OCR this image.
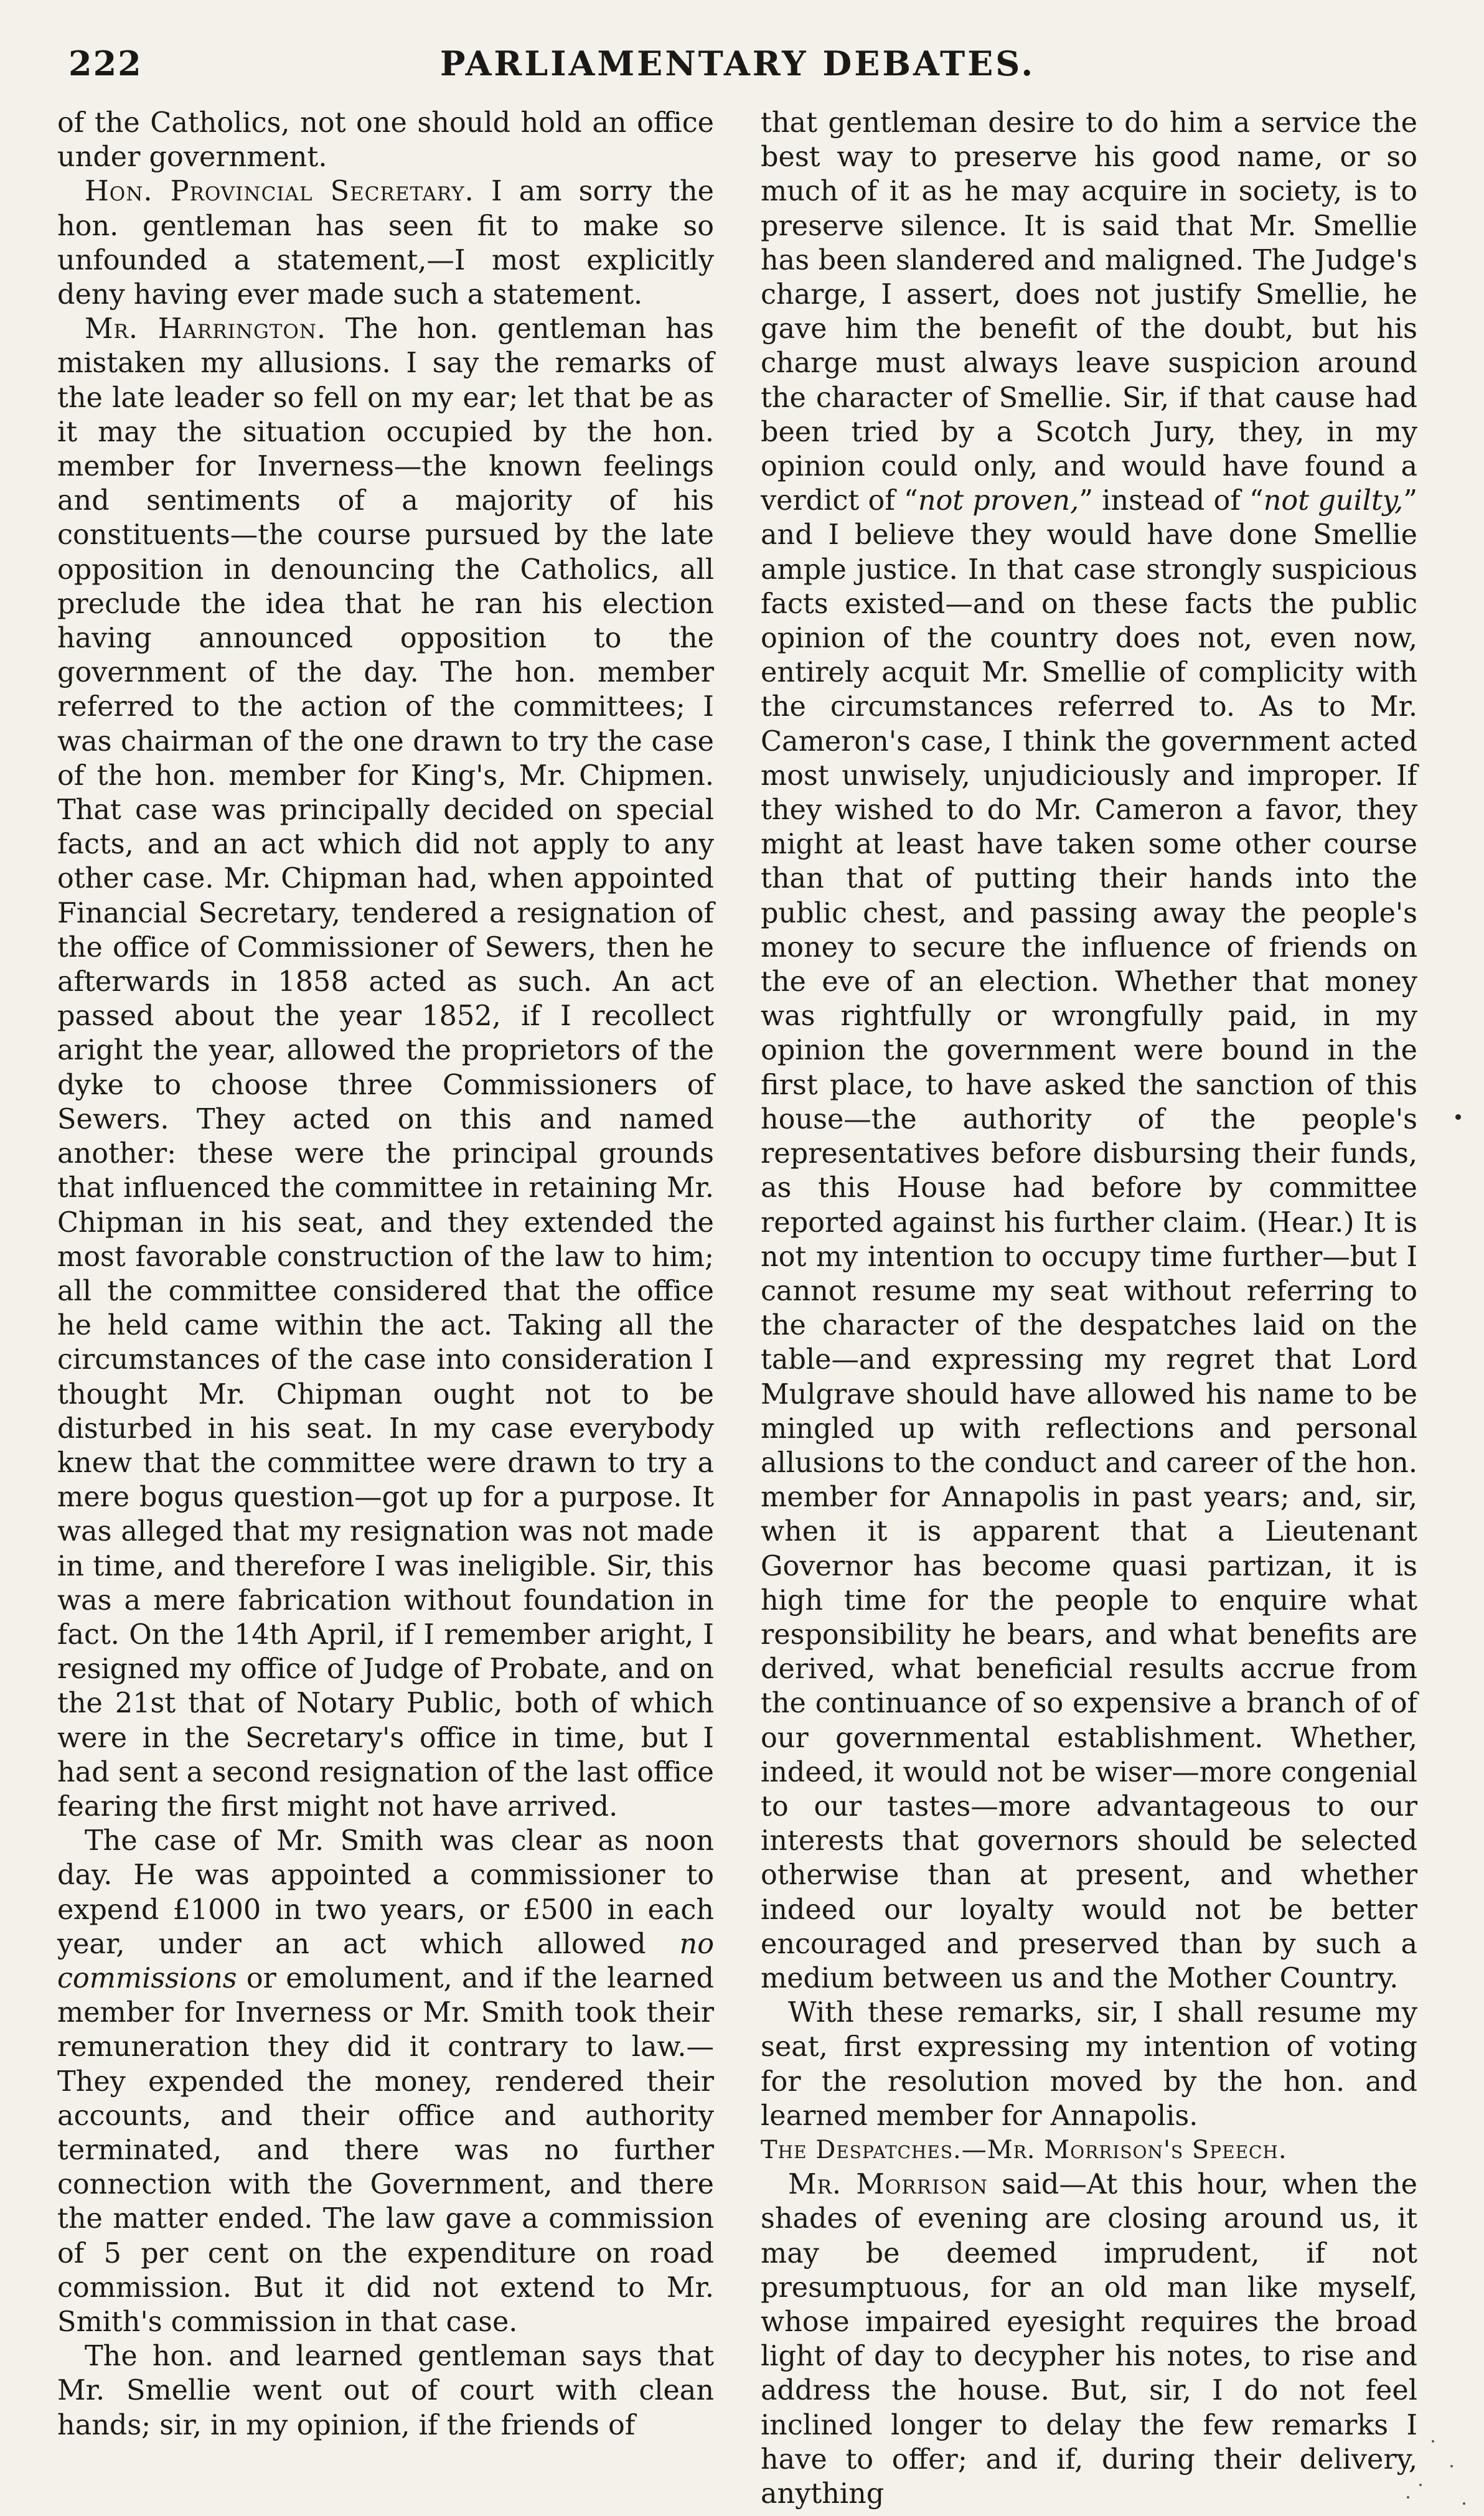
222	PARLIAMENTARY DEBATES.

of the Catholics, not one should hold an office under government.

Hon. Provincial Secretary. I am sorry the hon. gentleman has seen fit to make so unfounded a statement,—I most explicitly deny having ever made such a statement.

Mr. Harrington. The hon. gentleman has mistaken my allusions. I say the remarks of the late leader so fell on my ear; let that be as it may the situation occupied by the hon. member for Inverness—the known feelings and sentiments of a majority of his constituents—the course pursued by the late opposition in denouncing the Catholics, all preclude the idea that he ran his election having announced opposition to the government of the day. The hon. member referred to the action of the committees; I was chairman of the one drawn to try the case of the hon. member for King's, Mr. Chipmen. That case was principally decided on special facts, and an act which did not apply to any other case. Mr. Chipman had, when appointed Financial Secretary, tendered a resignation of the office of Commissioner of Sewers, then he afterwards in 1858 acted as such. An act passed about the year 1852, if I recollect aright the year, allowed the proprietors of the dyke to choose three Commissioners of Sewers. They acted on this and named another: these were the principal grounds that influenced the committee in retaining Mr. Chipman in his seat, and they extended the most favorable construction of the law to him; all the committee considered that the office he held came within the act. Taking all the circumstances of the case into consideration I thought Mr. Chipman ought not to be disturbed in his seat. In my case everybody knew that the committee were drawn to try a mere bogus question—got up for a purpose. It was alleged that my resignation was not made in time, and therefore I was ineligible. Sir, this was a mere fabrication without foundation in fact. On the 14th April, if I remember aright, I resigned my office of Judge of Probate, and on the 21st that of Notary Public, both of which were in the Secretary's office in time, but I had sent a second resignation of the last office fearing the first might not have arrived.

The case of Mr. Smith was clear as noon day. He was appointed a commissioner to expend £1000 in two years, or £500 in each year, under an act which allowed no commissions or emolument, and if the learned member for Inverness or Mr. Smith took their remuneration they did it contrary to law.—They expended the money, rendered their accounts, and their office and authority terminated, and there was no further connection with the Government, and there the matter ended. The law gave a commission of 5 per cent on the expenditure on road commission. But it did not extend to Mr. Smith's commission in that case.

The hon. and learned gentleman says that Mr. Smellie went out of court with clean hands; sir, in my opinion, if the friends of

that gentleman desire to do him a service the best way to preserve his good name, or so much of it as he may acquire in society, is to preserve silence. It is said that Mr. Smellie has been slandered and maligned. The Judge's charge, I assert, does not justify Smellie, he gave him the benefit of the doubt, but his charge must always leave suspicion around the character of Smellie. Sir, if that cause had been tried by a Scotch Jury, they, in my opinion could only, and would have found a verdict of “not proven,” instead of “not guilty,” and I believe they would have done Smellie ample justice. In that case strongly suspicious facts existed—and on these facts the public opinion of the country does not, even now, entirely acquit Mr. Smellie of complicity with the circumstances referred to. As to Mr. Cameron's case, I think the government acted most unwisely, unjudiciously and improper. If they wished to do Mr. Cameron a favor, they might at least have taken some other course than that of putting their hands into the public chest, and passing away the people's money to secure the influence of friends on the eve of an election. Whether that money was rightfully or wrongfully paid, in my opinion the government were bound in the first place, to have asked the sanction of this house—the authority of the people's representatives before disbursing their funds, as this House had before by committee reported against his further claim. (Hear.) It is not my intention to occupy time further—but I cannot resume my seat without referring to the character of the despatches laid on the table—and expressing my regret that Lord Mulgrave should have allowed his name to be mingled up with reflections and personal allusions to the conduct and career of the hon. member for Annapolis in past years; and, sir, when it is apparent that a Lieutenant Governor has become quasi partizan, it is high time for the people to enquire what responsibility he bears, and what benefits are derived, what beneficial results accrue from the continuance of so expensive a branch of of our governmental establishment. Whether, indeed, it would not be wiser—more congenial to our tastes—more advantageous to our interests that governors should be selected otherwise than at present, and whether indeed our loyalty would not be better encouraged and preserved than by such a medium between us and the Mother Country.

With these remarks, sir, I shall resume my seat, first expressing my intention of voting for the resolution moved by the hon. and learned member for Annapolis.

The Despatches.—Mr. Morrison's Speech.

Mr. Morrison said—At this hour, when the shades of evening are closing around us, it may be deemed imprudent, if not presumptuous, for an old man like myself, whose impaired eyesight requires the broad light of day to decypher his notes, to rise and address the house. But, sir, I do not feel inclined longer to delay the few remarks I have to offer; and if, during their delivery, anything
